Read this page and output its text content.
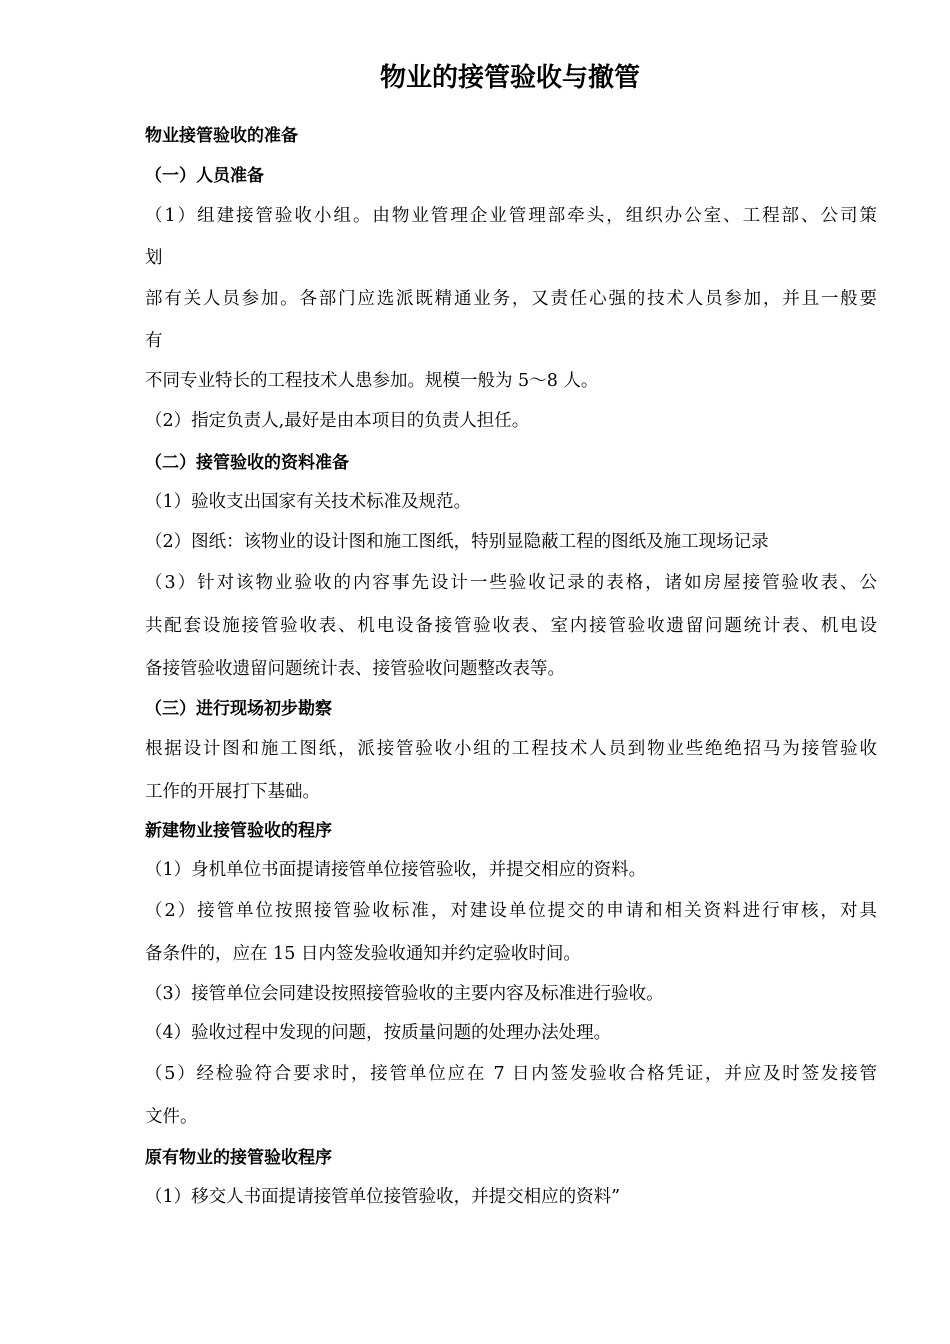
物业的接管验收与撤管
物业接管验收的准备
（一）人员准备
（1）组建接管验收小组。由物业管理企业管理部牵头，组织办公室、工程部、公司策
划
部有关人员参加。各部门应选派既精通业务，又责任心强的技术人员参加，并且一般要
有
不同专业特长的工程技术人患参加。规模一般为 5～8 人。
（2）指定负责人,最好是由本项目的负责人担任。
（二）接管验收的资料准备
（1）验收支出国家有关技术标准及规范。
（2）图纸：该物业的设计图和施工图纸，特别显隐蔽工程的图纸及施工现场记录
（3）针对该物业验收的内容事先设计一些验收记录的表格，诸如房屋接管验收表、公
共配套设施接管验收表、机电设备接管验收表、室内接管验收遗留问题统计表、机电设
备接管验收遗留问题统计表、接管验收问题整改表等。
（三）进行现场初步勘察
根据设计图和施工图纸，派接管验收小组的工程技术人员到物业些绝绝招马为接管验收
工作的开展打下基础。
新建物业接管验收的程序
（1）身机单位书面提请接管单位接管验收，并提交相应的资料。
（2）接管单位按照接管验收标准，对建设单位提交的申请和相关资料进行审核，对具
备条件的，应在 15 日内签发验收通知并约定验收时间。
（3）接管单位会同建设按照接管验收的主要内容及标准进行验收。
（4）验收过程中发现的问题，按质量问题的处理办法处理。
（5）经检验符合要求时，接管单位应在 7 日内签发验收合格凭证，并应及时签发接管
文件。
原有物业的接管验收程序
（1）移交人书面提请接管单位接管验收，并提交相应的资料”
